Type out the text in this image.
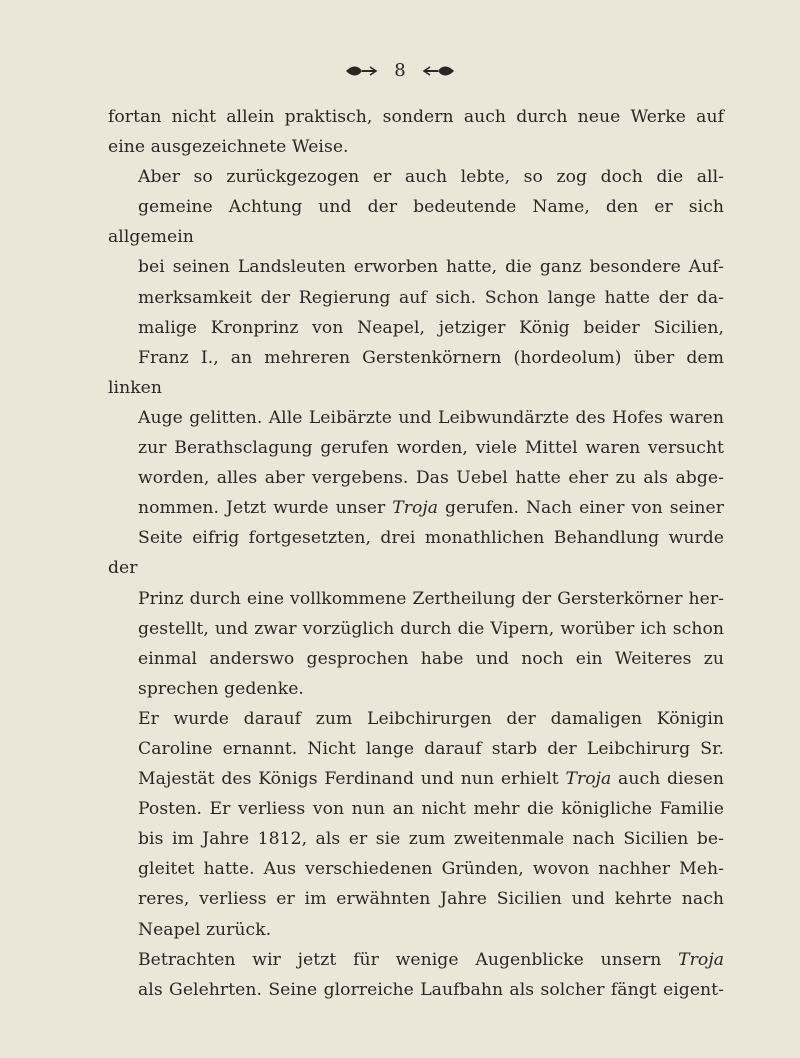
8

fortan nicht allein praktisch, sondern auch durch neue Werke auf
eine ausgezeichnete Weise.

Aber so zurückgezogen er auch lebte, so zog doch die all-
gemeine Achtung und der bedeutende Name, den er sich allgemein
bei seinen Landsleuten erworben hatte, die ganz besondere Auf-
merksamkeit der Regierung auf sich. Schon lange hatte der da-
malige Kronprinz von Neapel, jetziger König beider Sicilien,
Franz I., an mehreren Gerstenkörnern (hordeolum) über dem linken
Auge gelitten. Alle Leibärzte und Leibwundärzte des Hofes waren
zur Berathsclagung gerufen worden, viele Mittel waren versucht
worden, alles aber vergebens. Das Uebel hatte eher zu als abge-
nommen. Jetzt wurde unser Troja gerufen. Nach einer von seiner
Seite eifrig fortgesetzten, drei monathlichen Behandlung wurde der
Prinz durch eine vollkommene Zertheilung der Gersterkörner her-
gestellt, und zwar vorzüglich durch die Vipern, worüber ich schon
einmal anderswo gesprochen habe und noch ein Weiteres zu
sprechen gedenke.

Er wurde darauf zum Leibchirurgen der damaligen Königin
Caroline ernannt. Nicht lange darauf starb der Leibchirurg Sr.
Majestät des Königs Ferdinand und nun erhielt Troja auch diesen
Posten. Er verliess von nun an nicht mehr die königliche Familie
bis im Jahre 1812, als er sie zum zweitenmale nach Sicilien be-
gleitet hatte. Aus verschiedenen Gründen, wovon nachher Meh-
reres, verliess er im erwähnten Jahre Sicilien und kehrte nach
Neapel zurück.

Betrachten wir jetzt für wenige Augenblicke unsern Troja
als Gelehrten. Seine glorreiche Laufbahn als solcher fängt eigent-
